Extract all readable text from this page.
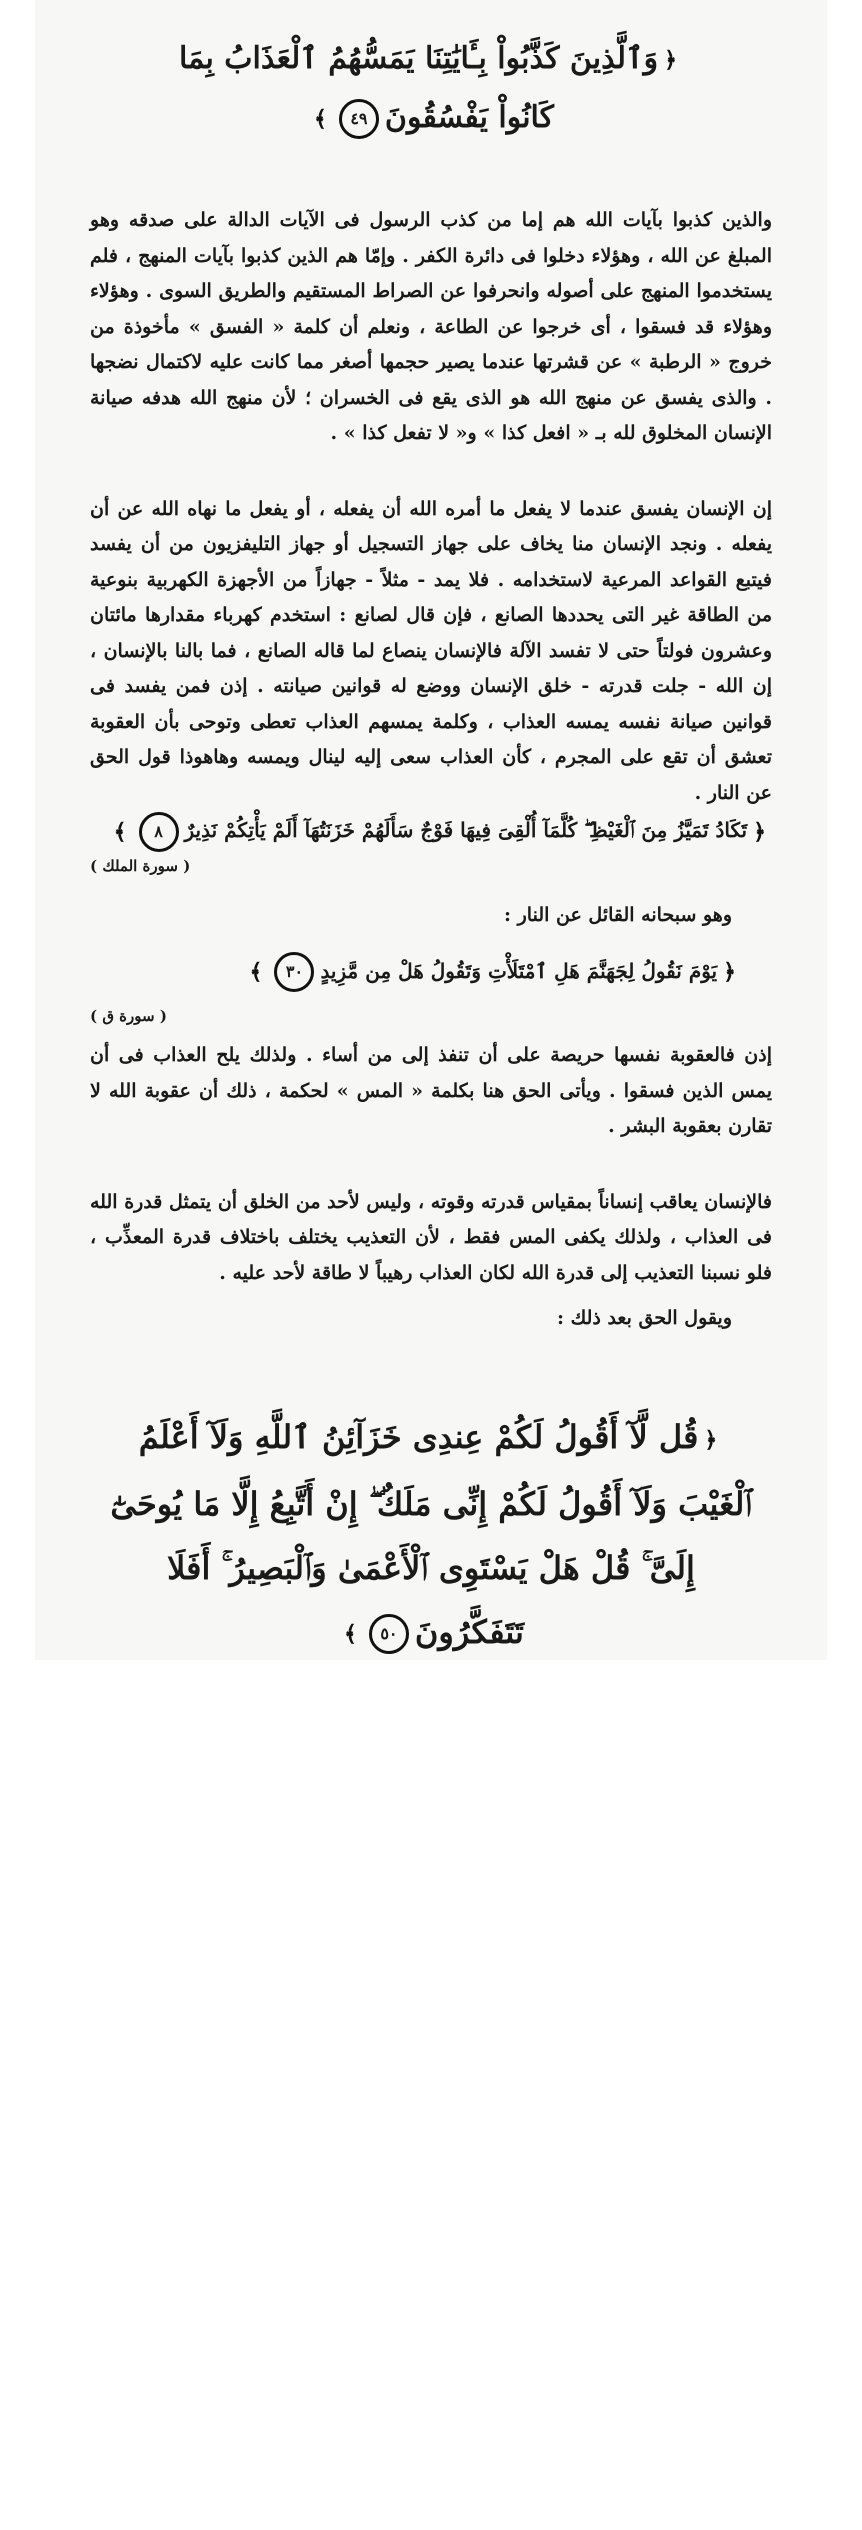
﴿وَٱلَّذِينَ كَذَّبُواْ بِـَٔايَٰتِنَا يَمَسُّهُمُ ٱلْعَذَابُ بِمَا
كَانُواْ يَفْسُقُونَ٤٩﴾

والذين كذبوا بآيات الله هم إما من كذب الرسول فى الآيات الدالة على صدقه وهو المبلغ عن الله ، وهؤلاء دخلوا فى دائرة الكفر . وإمّا هم الذين كذبوا بآيات المنهج ، فلم يستخدموا المنهج على أصوله وانحرفوا عن الصراط المستقيم والطريق السوى . وهؤلاء وهؤلاء قد فسقوا ، أى خرجوا عن الطاعة ، ونعلم أن كلمة « الفسق » مأخوذة من خروج « الرطبة » عن قشرتها عندما يصير حجمها أصغر مما كانت عليه لاكتمال نضجها . والذى يفسق عن منهج الله هو الذى يقع فى الخسران ؛ لأن منهج الله هدفه صيانة الإنسان المخلوق لله بـ « افعل كذا » و« لا تفعل كذا » .

إن الإنسان يفسق عندما لا يفعل ما أمره الله أن يفعله ، أو يفعل ما نهاه الله عن أن يفعله . ونجد الإنسان منا يخاف على جهاز التسجيل أو جهاز التليفزيون من أن يفسد فيتبع القواعد المرعية لاستخدامه . فلا يمد - مثلاً - جهازاً من الأجهزة الكهربية بنوعية من الطاقة غير التى يحددها الصانع ، فإن قال لصانع : استخدم كهرباء مقدارها مائتان وعشرون فولتاً حتى لا تفسد الآلة فالإنسان ينصاع لما قاله الصانع ، فما بالنا بالإنسان ، إن الله - جلت قدرته - خلق الإنسان ووضع له قوانين صيانته . إذن فمن يفسد فى قوانين صيانة نفسه يمسه العذاب ، وكلمة يمسهم العذاب تعطى وتوحى بأن العقوبة تعشق أن تقع على المجرم ، كأن العذاب سعى إليه لينال ويمسه وهاهوذا قول الحق عن النار .

﴿تَكَادُ تَمَيَّزُ مِنَ ٱلْغَيْظِ ۖ كُلَّمَآ أُلْقِىَ فِيهَا فَوْجٌ سَأَلَهُمْ خَزَنَتُهَآ أَلَمْ يَأْتِكُمْ نَذِيرٌ٨﴾

( سورة الملك )

وهو سبحانه القائل عن النار :

﴿يَوْمَ نَقُولُ لِجَهَنَّمَ هَلِ ٱمْتَلَأْتِ وَتَقُولُ هَلْ مِن مَّزِيدٍ٣٠﴾

( سورة ق )

إذن فالعقوبة نفسها حريصة على أن تنفذ إلى من أساء . ولذلك يلح العذاب فى أن يمس الذين فسقوا . ويأتى الحق هنا بكلمة « المس » لحكمة ، ذلك أن عقوبة الله لا تقارن بعقوبة البشر .

فالإنسان يعاقب إنساناً بمقياس قدرته وقوته ، وليس لأحد من الخلق أن يتمثل قدرة الله فى العذاب ، ولذلك يكفى المس فقط ، لأن التعذيب يختلف باختلاف قدرة المعذِّب ، فلو نسبنا التعذيب إلى قدرة الله لكان العذاب رهيباً لا طاقة لأحد عليه .

ويقول الحق بعد ذلك :

﴿قُل لَّآ أَقُولُ لَكُمْ عِندِى خَزَآئِنُ ٱللَّهِ وَلَآ أَعْلَمُ
ٱلْغَيْبَ وَلَآ أَقُولُ لَكُمْ إِنِّى مَلَكٌ ۖ إِنْ أَتَّبِعُ إِلَّا مَا يُوحَىٰٓ
إِلَىَّ ۚ قُلْ هَلْ يَسْتَوِى ٱلْأَعْمَىٰ وَٱلْبَصِيرُ ۚ أَفَلَا
تَتَفَكَّرُونَ٥٠﴾
